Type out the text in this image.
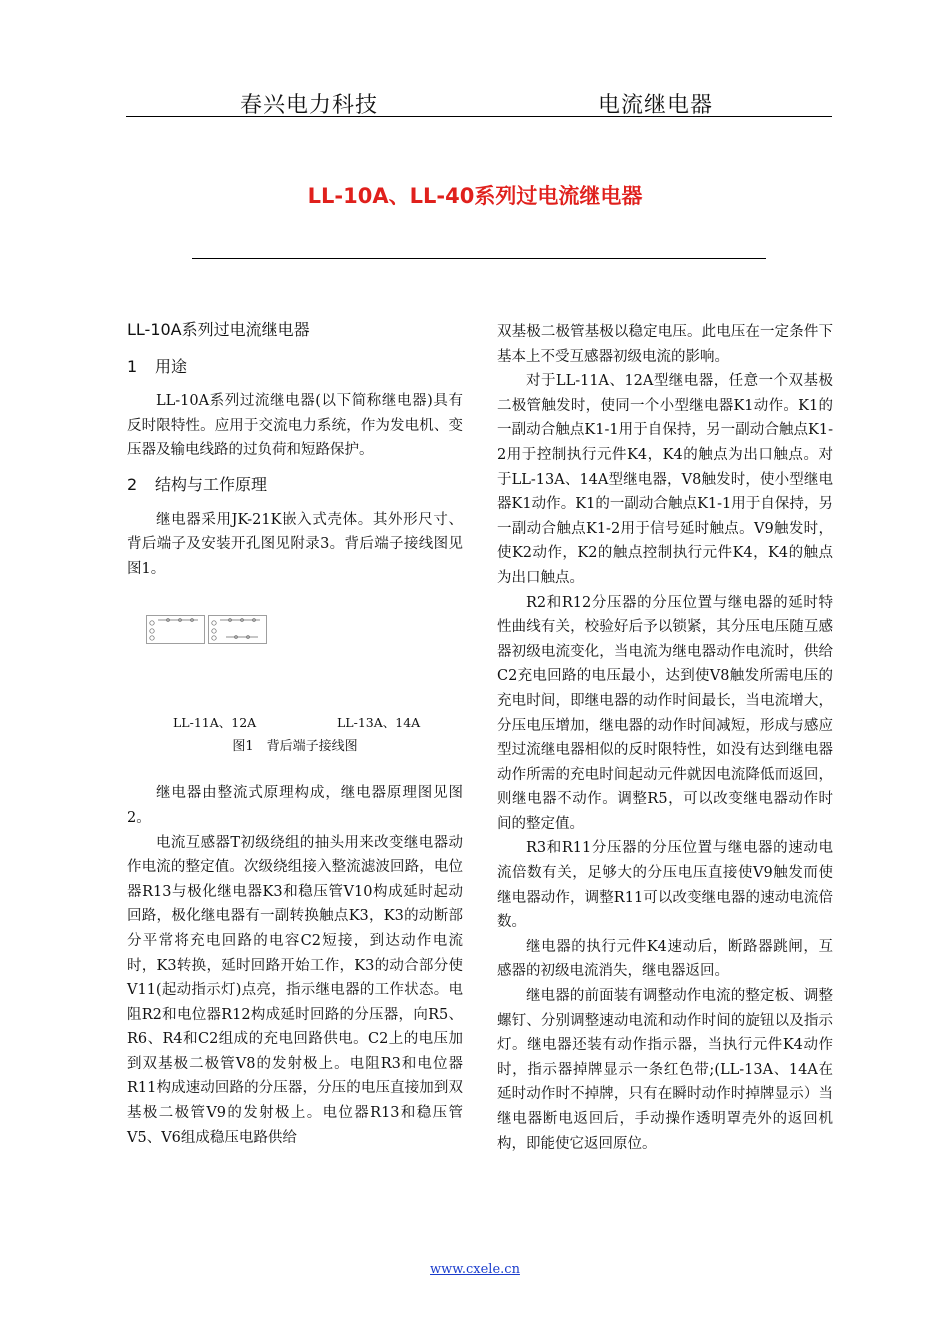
春兴电力科技	电流继电器
LL-10A、LL-40系列过电流继电器

LL-10A系列过电流继电器

1 用途

LL-10A系列过流继电器(以下简称继电器)具有反时限特性。应用于交流电力系统，作为发电机、变压器及输电线路的过负荷和短路保护。

2 结构与工作原理

继电器采用JK-21K嵌入式壳体。其外形尺寸、背后端子及安装开孔图见附录3。背后端子接线图见图1。

LL-11A、12A	LL-13A、14A
图1　背后端子接线图

继电器由整流式原理构成，继电器原理图见图2。

电流互感器T初级绕组的抽头用来改变继电器动作电流的整定值。次级绕组接入整流滤波回路，电位器R13与极化继电器K3和稳压管V10构成延时起动回路，极化继电器有一副转换触点K3，K3的动断部分平常将充电回路的电容C2短接，到达动作电流时，K3转换，延时回路开始工作，K3的动合部分使V11(起动指示灯)点亮，指示继电器的工作状态。电阻R2和电位器R12构成延时回路的分压器，向R5、R6、R4和C2组成的充电回路供电。C2上的电压加到双基极二极管V8的发射极上。电阻R3和电位器R11构成速动回路的分压器，分压的电压直接加到双基极二极管V9的发射极上。电位器R13和稳压管V5、V6组成稳压电路供给

双基极二极管基极以稳定电压。此电压在一定条件下基本上不受互感器初级电流的影响。

对于LL-11A、12A型继电器，任意一个双基极二极管触发时，使同一个小型继电器K1动作。K1的一副动合触点K1-1用于自保持，另一副动合触点K1-2用于控制执行元件K4，K4的触点为出口触点。对于LL-13A、14A型继电器，V8触发时，使小型继电器K1动作。K1的一副动合触点K1-1用于自保持，另一副动合触点K1-2用于信号延时触点。V9触发时，使K2动作，K2的触点控制执行元件K4，K4的触点为出口触点。

R2和R12分压器的分压位置与继电器的延时特性曲线有关，校验好后予以锁紧，其分压电压随互感器初级电流变化，当电流为继电器动作电流时，供给C2充电回路的电压最小，达到使V8触发所需电压的充电时间，即继电器的动作时间最长，当电流增大，分压电压增加，继电器的动作时间减短，形成与感应型过流继电器相似的反时限特性，如没有达到继电器动作所需的充电时间起动元件就因电流降低而返回，则继电器不动作。调整R5，可以改变继电器动作时间的整定值。

R3和R11分压器的分压位置与继电器的速动电流倍数有关，足够大的分压电压直接使V9触发而使继电器动作，调整R11可以改变继电器的速动电流倍数。

继电器的执行元件K4速动后，断路器跳闸，互感器的初级电流消失，继电器返回。

继电器的前面装有调整动作电流的整定板、调整螺钉、分别调整速动电流和动作时间的旋钮以及指示灯。继电器还装有动作指示器，当执行元件K4动作时，指示器掉牌显示一条红色带;(LL-13A、14A在延时动作时不掉牌，只有在瞬时动作时掉牌显示）当继电器断电返回后，手动操作透明罩壳外的返回机构，即能使它返回原位。

www.cxele.cn
